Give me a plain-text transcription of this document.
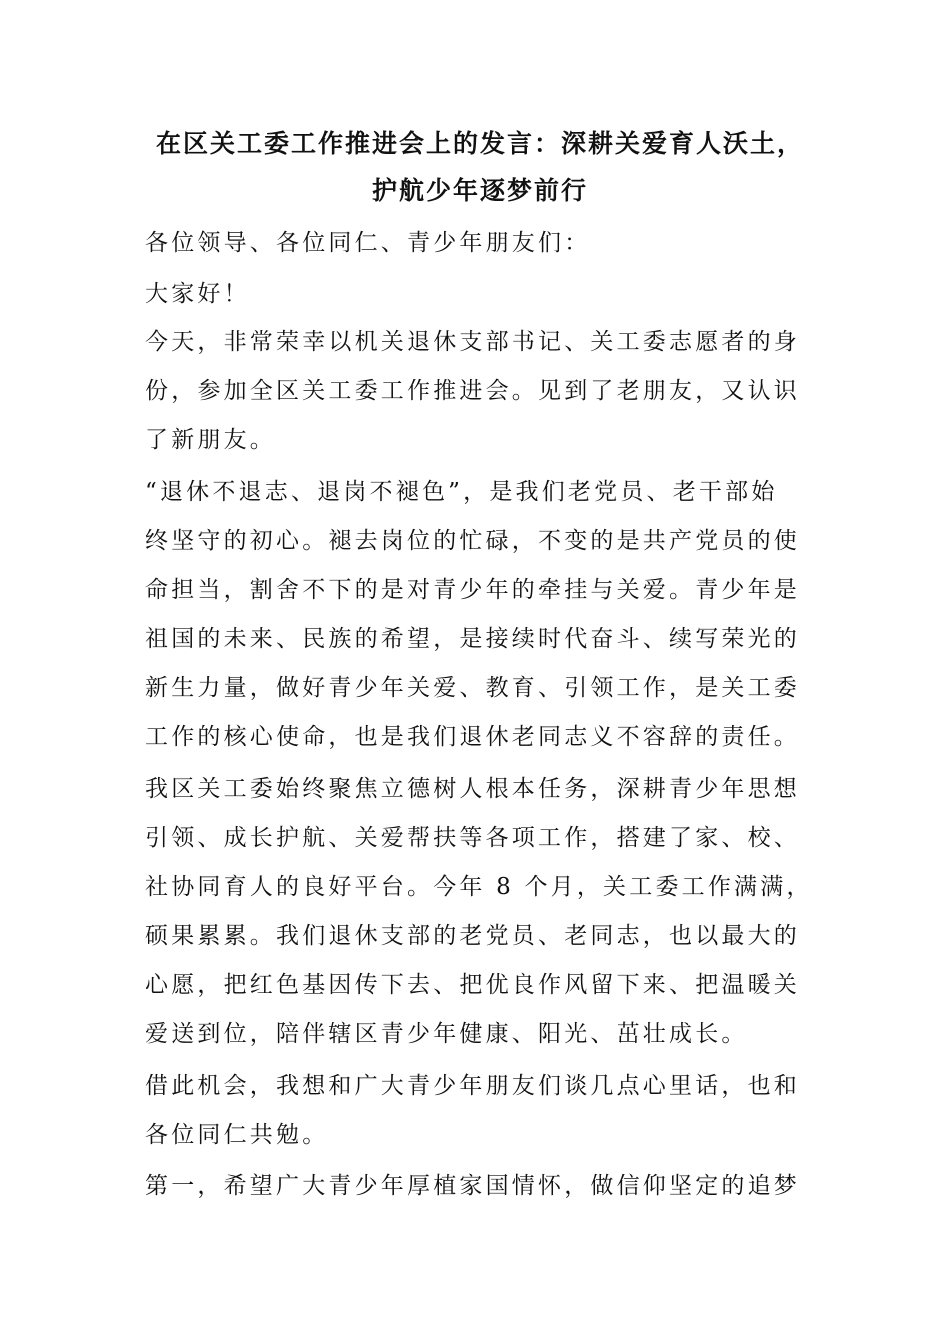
在区关工委工作推进会上的发言：深耕关爱育人沃土，
护航少年逐梦前行

各位领导、各位同仁、青少年朋友们：

大家好！

今天，非常荣幸以机关退休支部书记、关工委志愿者的身

份，参加全区关工委工作推进会。见到了老朋友，又认识

了新朋友。

“退休不退志、退岗不褪色”，是我们老党员、老干部始

终坚守的初心。褪去岗位的忙碌，不变的是共产党员的使

命担当，割舍不下的是对青少年的牵挂与关爱。青少年是

祖国的未来、民族的希望，是接续时代奋斗、续写荣光的

新生力量，做好青少年关爱、教育、引领工作，是关工委

工作的核心使命，也是我们退休老同志义不容辞的责任。

我区关工委始终聚焦立德树人根本任务，深耕青少年思想

引领、成长护航、关爱帮扶等各项工作，搭建了家、校、

社协同育人的良好平台。今年 8 个月，关工委工作满满，

硕果累累。我们退休支部的老党员、老同志，也以最大的

心愿，把红色基因传下去、把优良作风留下来、把温暖关

爱送到位，陪伴辖区青少年健康、阳光、茁壮成长。

借此机会，我想和广大青少年朋友们谈几点心里话，也和

各位同仁共勉。

第一，希望广大青少年厚植家国情怀，做信仰坚定的追梦
